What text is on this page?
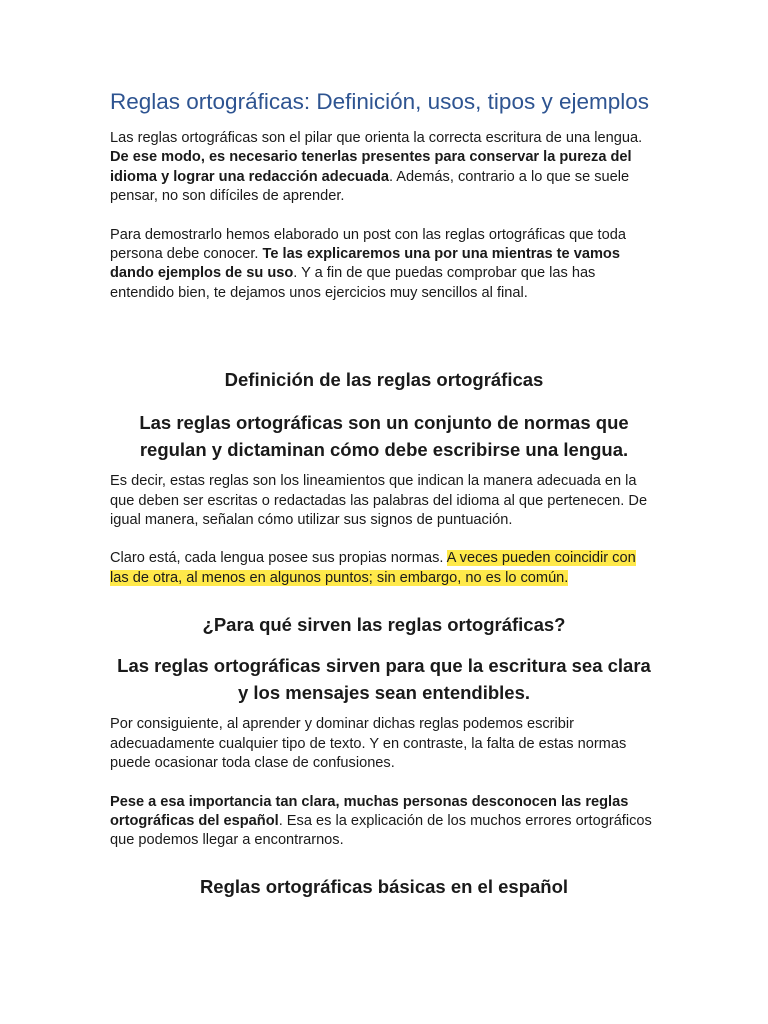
Reglas ortográficas: Definición, usos, tipos y ejemplos

Las reglas ortográficas son el pilar que orienta la correcta escritura de una lengua. De ese modo, es necesario tenerlas presentes para conservar la pureza del idioma y lograr una redacción adecuada. Además, contrario a lo que se suele pensar, no son difíciles de aprender.

Para demostrarlo hemos elaborado un post con las reglas ortográficas que toda persona debe conocer. Te las explicaremos una por una mientras te vamos dando ejemplos de su uso. Y a fin de que puedas comprobar que las has entendido bien, te dejamos unos ejercicios muy sencillos al final.

Definición de las reglas ortográficas
Las reglas ortográficas son un conjunto de normas que regulan y dictaminan cómo debe escribirse una lengua.

Es decir, estas reglas son los lineamientos que indican la manera adecuada en la que deben ser escritas o redactadas las palabras del idioma al que pertenecen. De igual manera, señalan cómo utilizar sus signos de puntuación.

Claro está, cada lengua posee sus propias normas. A veces pueden coincidir con las de otra, al menos en algunos puntos; sin embargo, no es lo común.

¿Para qué sirven las reglas ortográficas?
Las reglas ortográficas sirven para que la escritura sea clara y los mensajes sean entendibles.

Por consiguiente, al aprender y dominar dichas reglas podemos escribir adecuadamente cualquier tipo de texto. Y en contraste, la falta de estas normas puede ocasionar toda clase de confusiones.

Pese a esa importancia tan clara, muchas personas desconocen las reglas ortográficas del español. Esa es la explicación de los muchos errores ortográficos que podemos llegar a encontrarnos.

Reglas ortográficas básicas en el español
